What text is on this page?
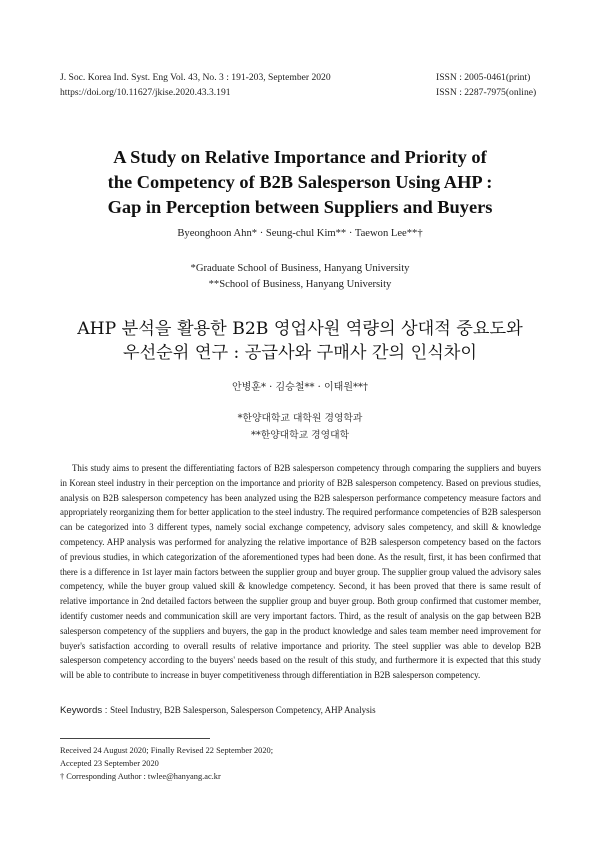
J. Soc. Korea Ind. Syst. Eng Vol. 43, No. 3 : 191-203, September 2020
https://doi.org/10.11627/jkise.2020.43.3.191
ISSN : 2005-0461(print)
ISSN : 2287-7975(online)
A Study on Relative Importance and Priority of
the Competency of B2B Salesperson Using AHP :
Gap in Perception between Suppliers and Buyers
Byeonghoon Ahn* · Seung-chul Kim** · Taewon Lee**†
*Graduate School of Business, Hanyang University
**School of Business, Hanyang University
AHP 분석을 활용한 B2B 영업사원 역량의 상대적 중요도와
우선순위 연구 : 공급사와 구매사 간의 인식차이
안병훈* · 김승철** · 이태원**†
*한양대학교 대학원 경영학과
**한양대학교 경영대학
This study aims to present the differentiating factors of B2B salesperson competency through comparing the suppliers and buyers in Korean steel industry in their perception on the importance and priority of B2B salesperson competency. Based on previous studies, analysis on B2B salesperson competency has been analyzed using the B2B salesperson performance competency measure factors and appropriately reorganizing them for better application to the steel industry. The required performance competencies of B2B salesperson can be categorized into 3 different types, namely social exchange competency, advisory sales competency, and skill & knowledge competency. AHP analysis was performed for analyzing the relative importance of B2B salesperson competency based on the factors of previous studies, in which categorization of the aforementioned types had been done. As the result, first, it has been confirmed that there is a difference in 1st layer main factors between the supplier group and buyer group. The supplier group valued the advisory sales competency, while the buyer group valued skill & knowledge competency. Second, it has been proved that there is same result of relative importance in 2nd detailed factors between the supplier group and buyer group. Both group confirmed that customer member, identify customer needs and communication skill are very important factors. Third, as the result of analysis on the gap between B2B salesperson competency of the suppliers and buyers, the gap in the product knowledge and sales team member need improvement for buyer's satisfaction according to overall results of relative importance and priority. The steel supplier was able to develop B2B salesperson competency according to the buyers' needs based on the result of this study, and furthermore it is expected that this study will be able to contribute to increase in buyer competitiveness through differentiation in B2B salesperson competency.
Keywords : Steel Industry, B2B Salesperson, Salesperson Competency, AHP Analysis
Received 24 August 2020; Finally Revised 22 September 2020;
Accepted 23 September 2020
† Corresponding Author : twlee@hanyang.ac.kr
